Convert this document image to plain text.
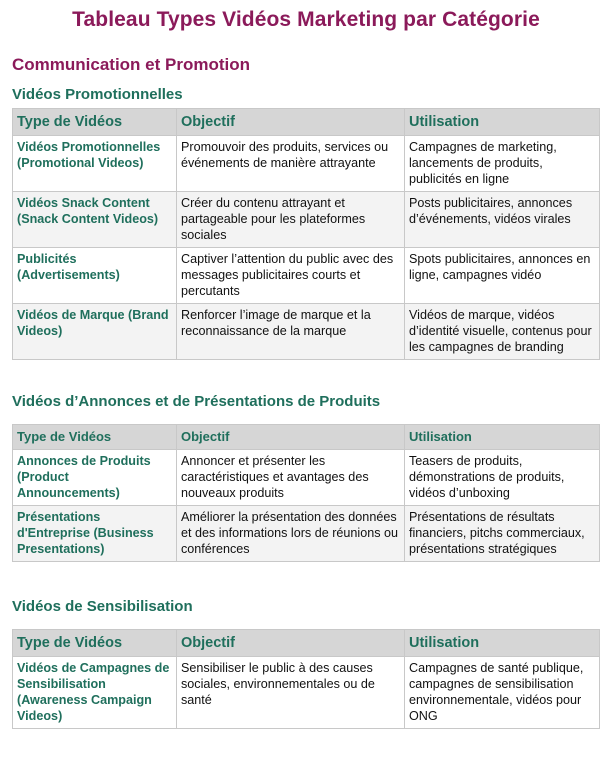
Tableau Types Vidéos Marketing par Catégorie
Communication et Promotion
Vidéos Promotionnelles
Type de Vidéos	Objectif	Utilisation
Vidéos Promotionnelles (Promotional Videos)	Promouvoir des produits, services ou événements de manière attrayante	Campagnes de marketing, lancements de produits, publicités en ligne
Vidéos Snack Content (Snack Content Videos)	Créer du contenu attrayant et partageable pour les plateformes sociales	Posts publicitaires, annonces d’événements, vidéos virales
Publicités (Advertisements)	Captiver l’attention du public avec des messages publicitaires courts et percutants	Spots publicitaires, annonces en ligne, campagnes vidéo
Vidéos de Marque (Brand Videos)	Renforcer l’image de marque et la reconnaissance de la marque	Vidéos de marque, vidéos d’identité visuelle, contenus pour les campagnes de branding
Vidéos d’Annonces et de Présentations de Produits
Type de Vidéos	Objectif	Utilisation
Annonces de Produits (Product Announcements)	Annoncer et présenter les caractéristiques et avantages des nouveaux produits	Teasers de produits, démonstrations de produits, vidéos d’unboxing
Présentations d'Entreprise (Business Presentations)	Améliorer la présentation des données et des informations lors de réunions ou conférences	Présentations de résultats financiers, pitchs commerciaux, présentations stratégiques
Vidéos de Sensibilisation
Type de Vidéos	Objectif	Utilisation
Vidéos de Campagnes de Sensibilisation (Awareness Campaign Videos)	Sensibiliser le public à des causes sociales, environnementales ou de santé	Campagnes de santé publique, campagnes de sensibilisation environnementale, vidéos pour ONG
